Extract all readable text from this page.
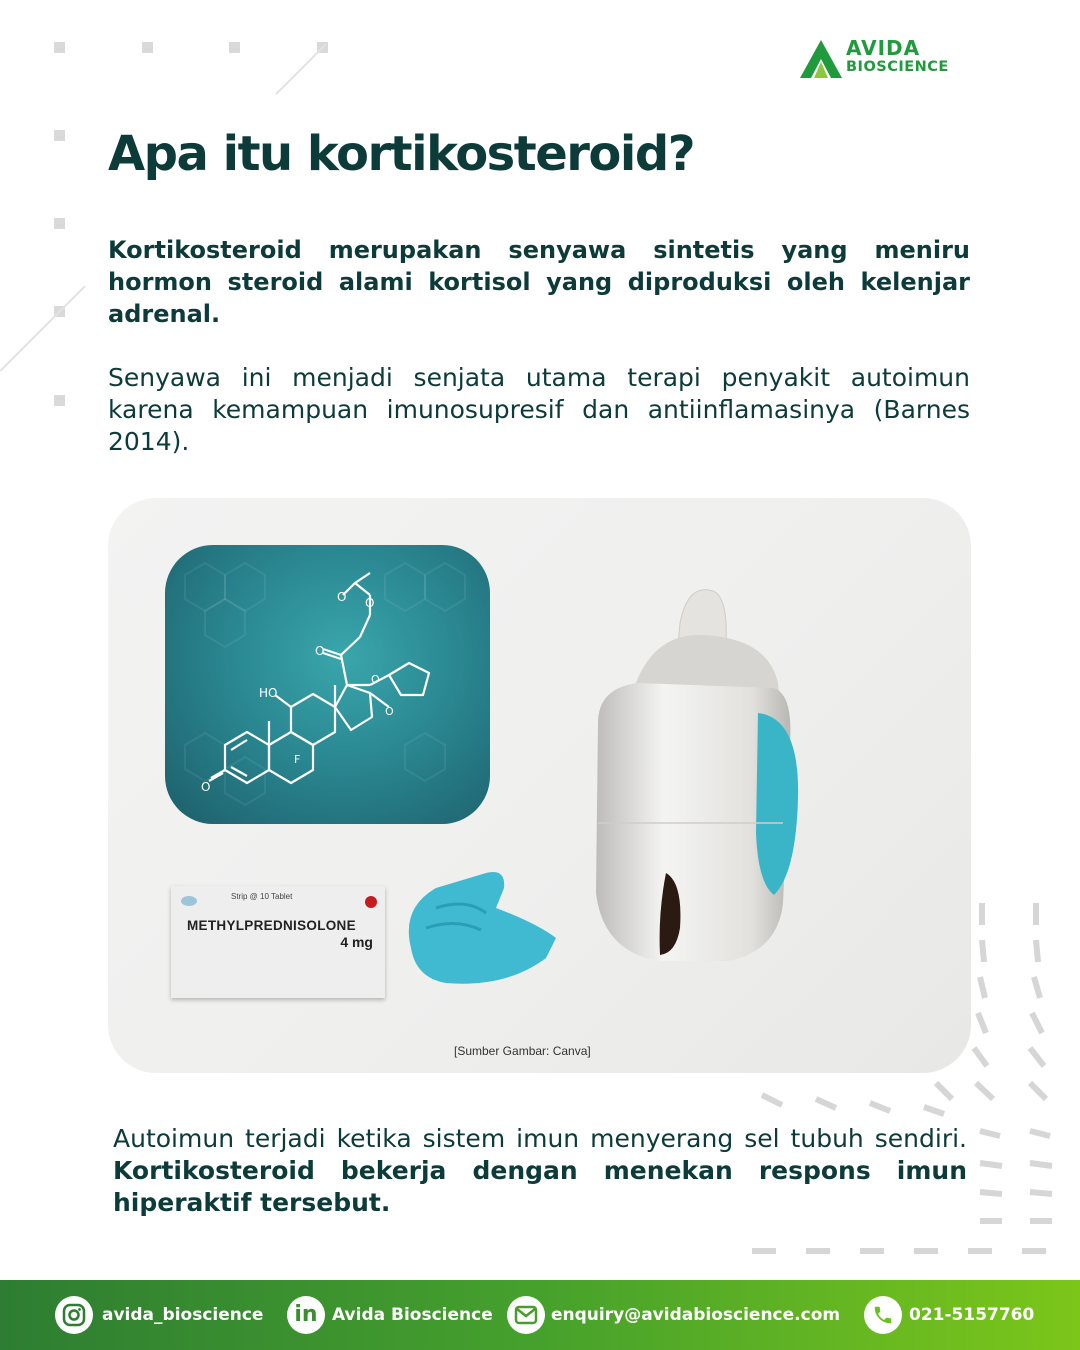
AVIDA
BIOSCIENCE
Apa itu kortikosteroid?

Kortikosteroid merupakan senyawa sintetis yang meniru hormon steroid alami kortisol yang diproduksi oleh kelenjar adrenal.

Senyawa ini menjadi senjata utama terapi penyakit autoimun karena kemampuan imunosupresif dan antiinflamasinya (Barnes 2014).

HO
F
O
O
O
O
O
O
Strip @ 10 Tablet
METHYLPREDNISOLONE
4 mg
[Sumber Gambar: Canva]

Autoimun terjadi ketika sistem imun menyerang sel tubuh sendiri. Kortikosteroid bekerja dengan menekan respons imun hiperaktif tersebut.

avida_bioscience in Avida Bioscience	enquiry@avidabioscience.com	021-5157760
